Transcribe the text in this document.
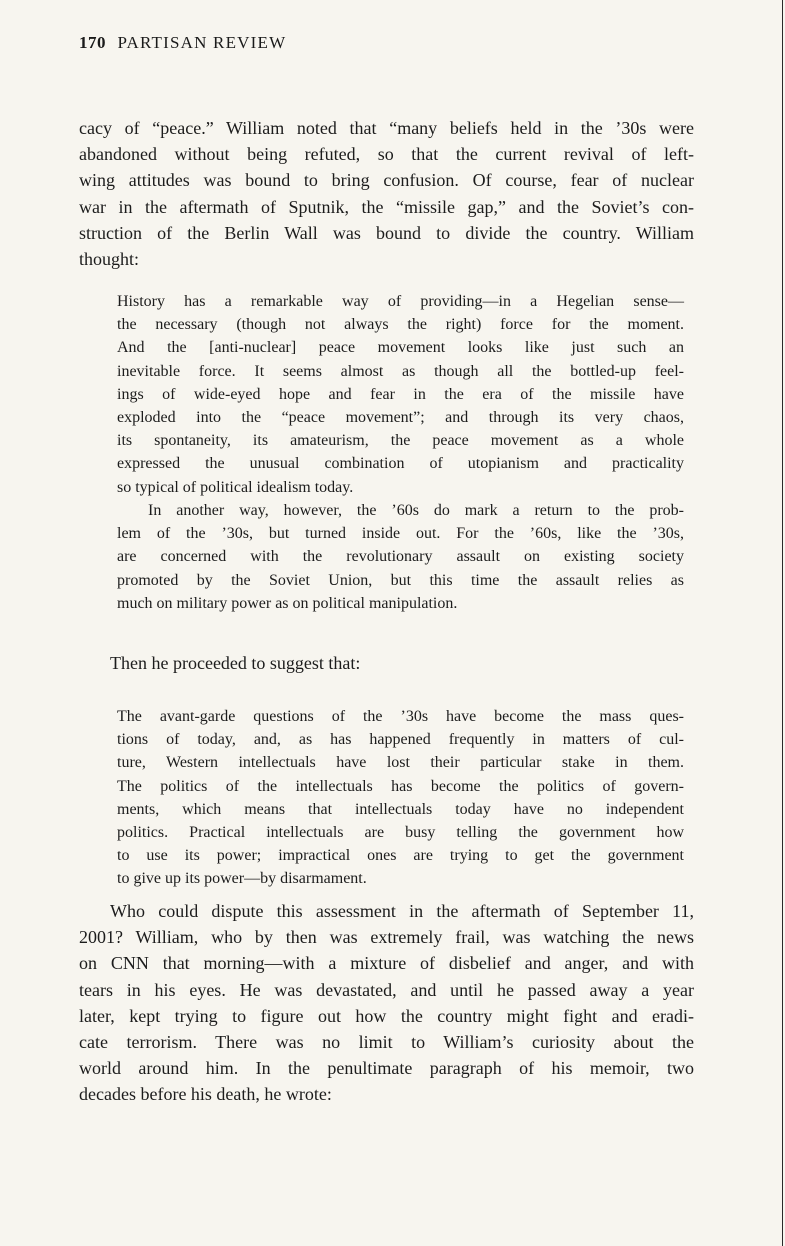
170 PARTISAN REVIEW
cacy of “peace.” William noted that “many beliefs held in the ’30s were
abandoned without being refuted, so that the current revival of left-
wing attitudes was bound to bring confusion. Of course, fear of nuclear
war in the aftermath of Sputnik, the “missile gap,” and the Soviet’s con-
struction of the Berlin Wall was bound to divide the country. William
thought:
History has a remarkable way of providing—in a Hegelian sense—
the necessary (though not always the right) force for the moment.
And the [anti-nuclear] peace movement looks like just such an
inevitable force. It seems almost as though all the bottled-up feel-
ings of wide-eyed hope and fear in the era of the missile have
exploded into the “peace movement”; and through its very chaos,
its spontaneity, its amateurism, the peace movement as a whole
expressed the unusual combination of utopianism and practicality
so typical of political idealism today.
In another way, however, the ’60s do mark a return to the prob-
lem of the ’30s, but turned inside out. For the ’60s, like the ’30s,
are concerned with the revolutionary assault on existing society
promoted by the Soviet Union, but this time the assault relies as
much on military power as on political manipulation.
Then he proceeded to suggest that:
The avant-garde questions of the ’30s have become the mass ques-
tions of today, and, as has happened frequently in matters of cul-
ture, Western intellectuals have lost their particular stake in them.
The politics of the intellectuals has become the politics of govern-
ments, which means that intellectuals today have no independent
politics. Practical intellectuals are busy telling the government how
to use its power; impractical ones are trying to get the government
to give up its power—by disarmament.
Who could dispute this assessment in the aftermath of September 11,
2001? William, who by then was extremely frail, was watching the news
on CNN that morning—with a mixture of disbelief and anger, and with
tears in his eyes. He was devastated, and until he passed away a year
later, kept trying to figure out how the country might fight and eradi-
cate terrorism. There was no limit to William’s curiosity about the
world around him. In the penultimate paragraph of his memoir, two
decades before his death, he wrote:
